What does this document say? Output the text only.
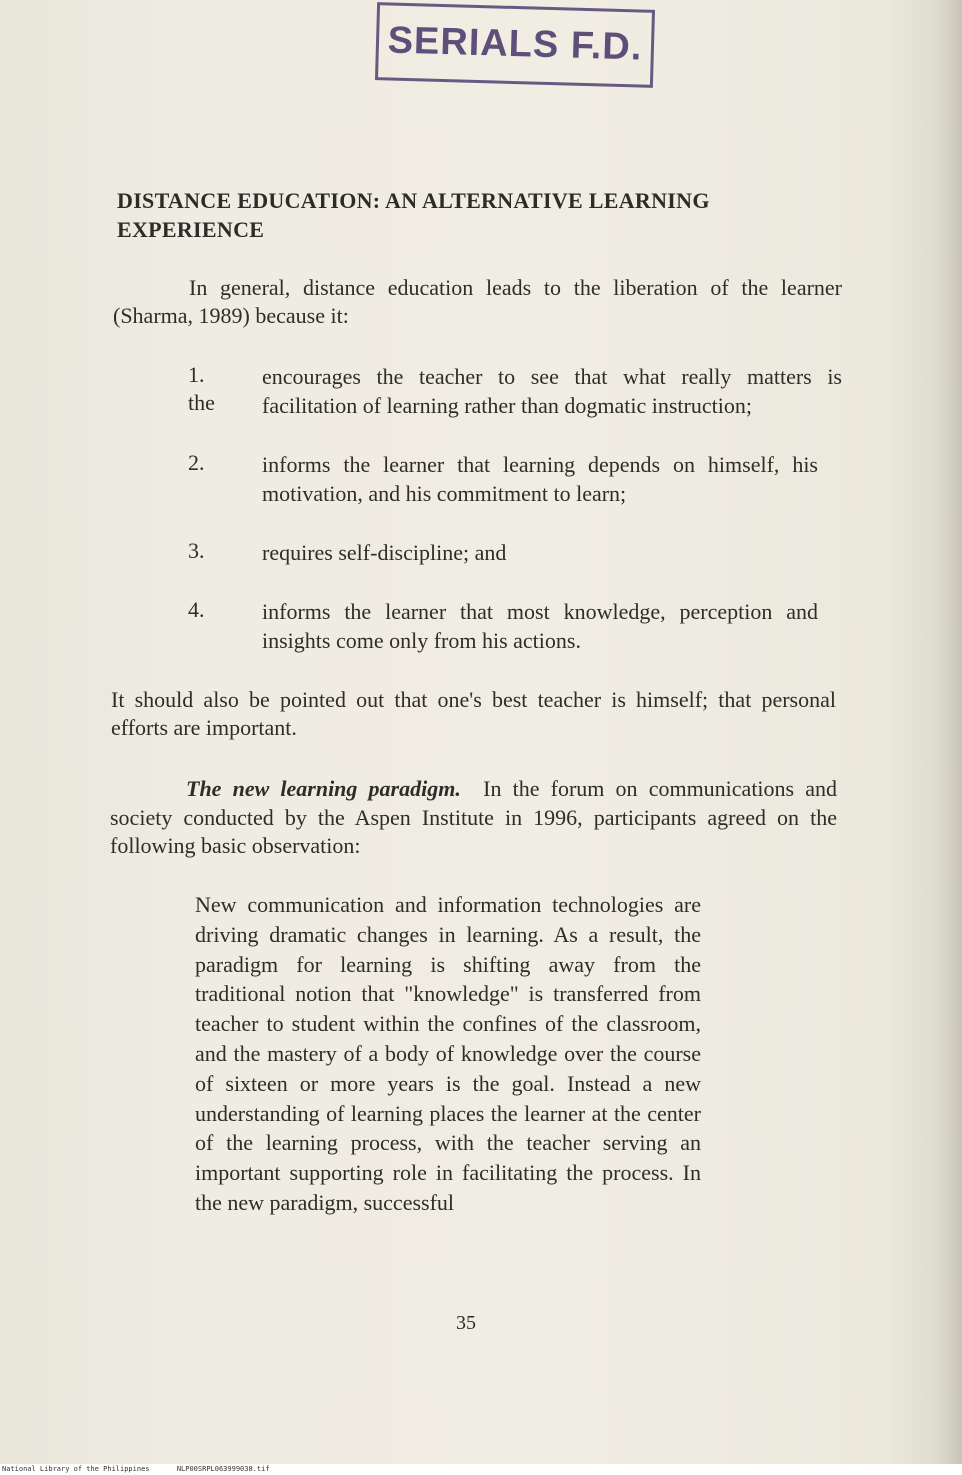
SERIALS F.D.
DISTANCE EDUCATION: AN ALTERNATIVE LEARNING
EXPERIENCE
In general, distance education leads to the liberation of the learner (Sharma, 1989) because it:
1.	encourages the teacher to see that what really matters is facilitation of learning rather than dogmatic instruction;
the
2.	informs the learner that learning depends on himself, his motivation, and his commitment to learn;
3.	requires self-discipline; and
4.	informs the learner that most knowledge, perception and insights come only from his actions.
It should also be pointed out that one's best teacher is himself; that personal efforts are important.
The new learning paradigm. In the forum on communications and society conducted by the Aspen Institute in 1996, participants agreed on the following basic observation:
New communication and information technologies are driving dramatic changes in learning. As a result, the paradigm for learning is shifting away from the traditional notion that "knowledge" is transferred from teacher to student within the confines of the classroom, and the mastery of a body of knowledge over the course of sixteen or more years is the goal. Instead a new understanding of learning places the learner at the center of the learning process, with the teacher serving an important supporting role in facilitating the process. In the new paradigm, successful
35
National Library of the Philippines	NLP00SRPL063999038.tif
